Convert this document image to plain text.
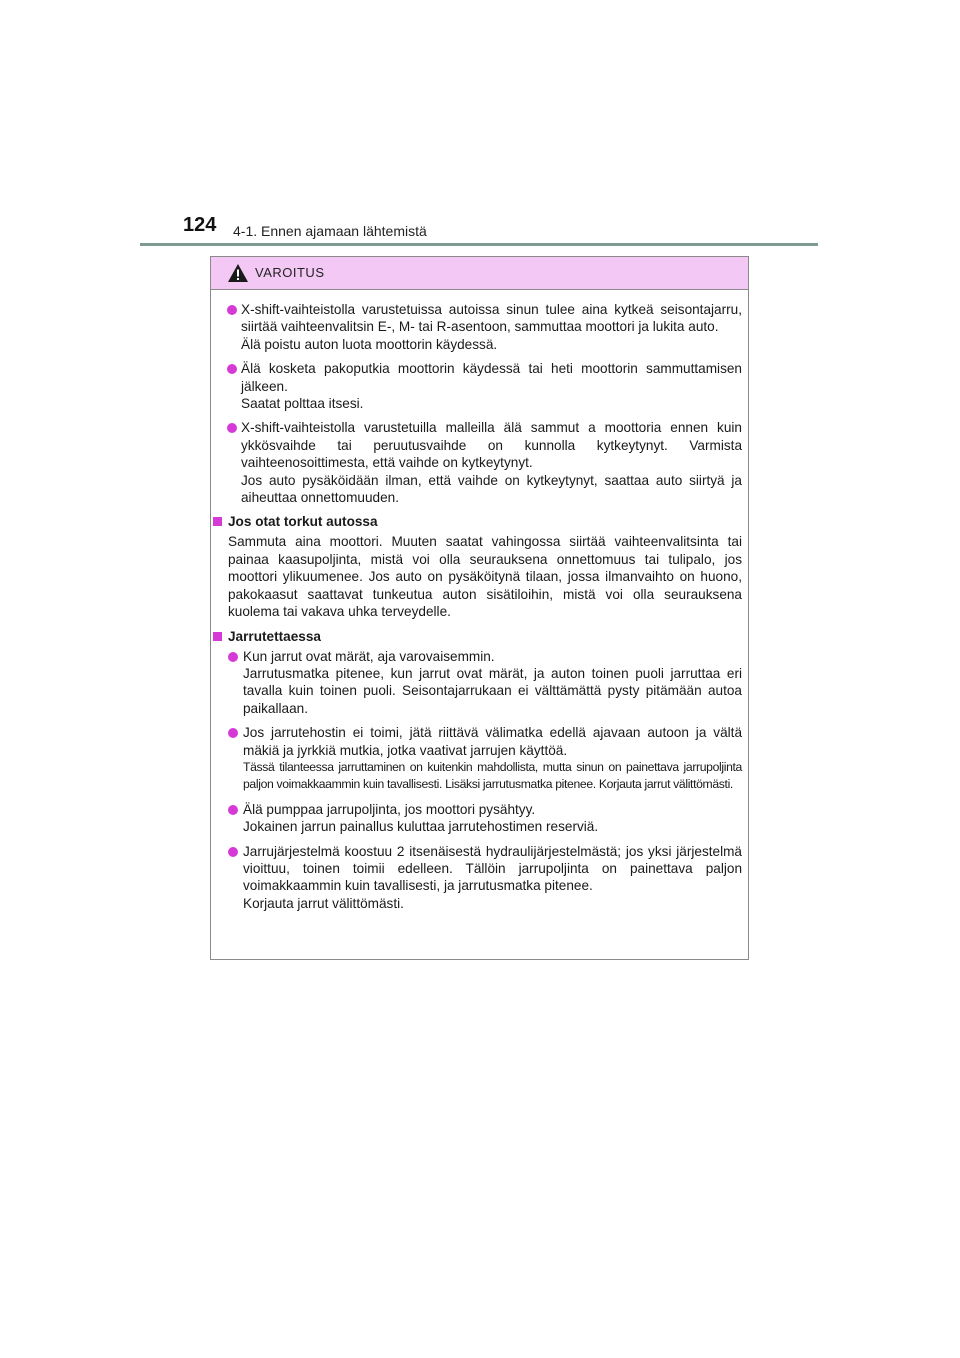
124 4-1. Ennen ajamaan lähtemistä
VAROITUS

X-shift-vaihteistolla varustetuissa autoissa sinun tulee aina kytkeä seisontajarru, siirtää vaihteenvalitsin E-, M- tai R-asentoon, sammuttaa moottori ja lukita auto.

Älä poistu auton luota moottorin käydessä.

Älä kosketa pakoputkia moottorin käydessä tai heti moottorin sammuttamisen jälkeen.

Saatat polttaa itsesi.

X-shift-vaihteistolla varustetuilla malleilla älä sammut a moottoria ennen kuin ykkösvaihde tai peruutusvaihde on kunnolla kytkeytynyt. Varmista vaihteenosoittimesta, että vaihde on kytkeytynyt.

Jos auto pysäköidään ilman, että vaihde on kytkeytynyt, saattaa auto siirtyä ja aiheuttaa onnettomuuden.

Jos otat torkut autossa

Sammuta aina moottori. Muuten saatat vahingossa siirtää vaihteenvalitsinta tai painaa kaasupoljinta, mistä voi olla seurauksena onnettomuus tai tulipalo, jos moottori ylikuumenee. Jos auto on pysäköitynä tilaan, jossa ilmanvaihto on huono, pakokaasut saattavat tunkeutua auton sisätiloihin, mistä voi olla seurauksena kuolema tai vakava uhka terveydelle.

Jarrutettaessa

Kun jarrut ovat märät, aja varovaisemmin.

Jarrutusmatka pitenee, kun jarrut ovat märät, ja auton toinen puoli jarruttaa eri tavalla kuin toinen puoli. Seisontajarrukaan ei välttämättä pysty pitämään autoa paikallaan.

Jos jarrutehostin ei toimi, jätä riittävä välimatka edellä ajavaan autoon ja vältä mäkiä ja jyrkkiä mutkia, jotka vaativat jarrujen käyttöä.

Tässä tilanteessa jarruttaminen on kuitenkin mahdollista, mutta sinun on painettava jarrupoljinta paljon voimakkaammin kuin tavallisesti. Lisäksi jarrutusmatka pitenee. Korjauta jarrut välittömästi.

Älä pumppaa jarrupoljinta, jos moottori pysähtyy.

Jokainen jarrun painallus kuluttaa jarrutehostimen reserviä.

Jarrujärjestelmä koostuu 2 itsenäisestä hydraulijärjestelmästä; jos yksi järjestelmä vioittuu, toinen toimii edelleen. Tällöin jarrupoljinta on painettava paljon voimakkaammin kuin tavallisesti, ja jarrutusmatka pitenee.

Korjauta jarrut välittömästi.
